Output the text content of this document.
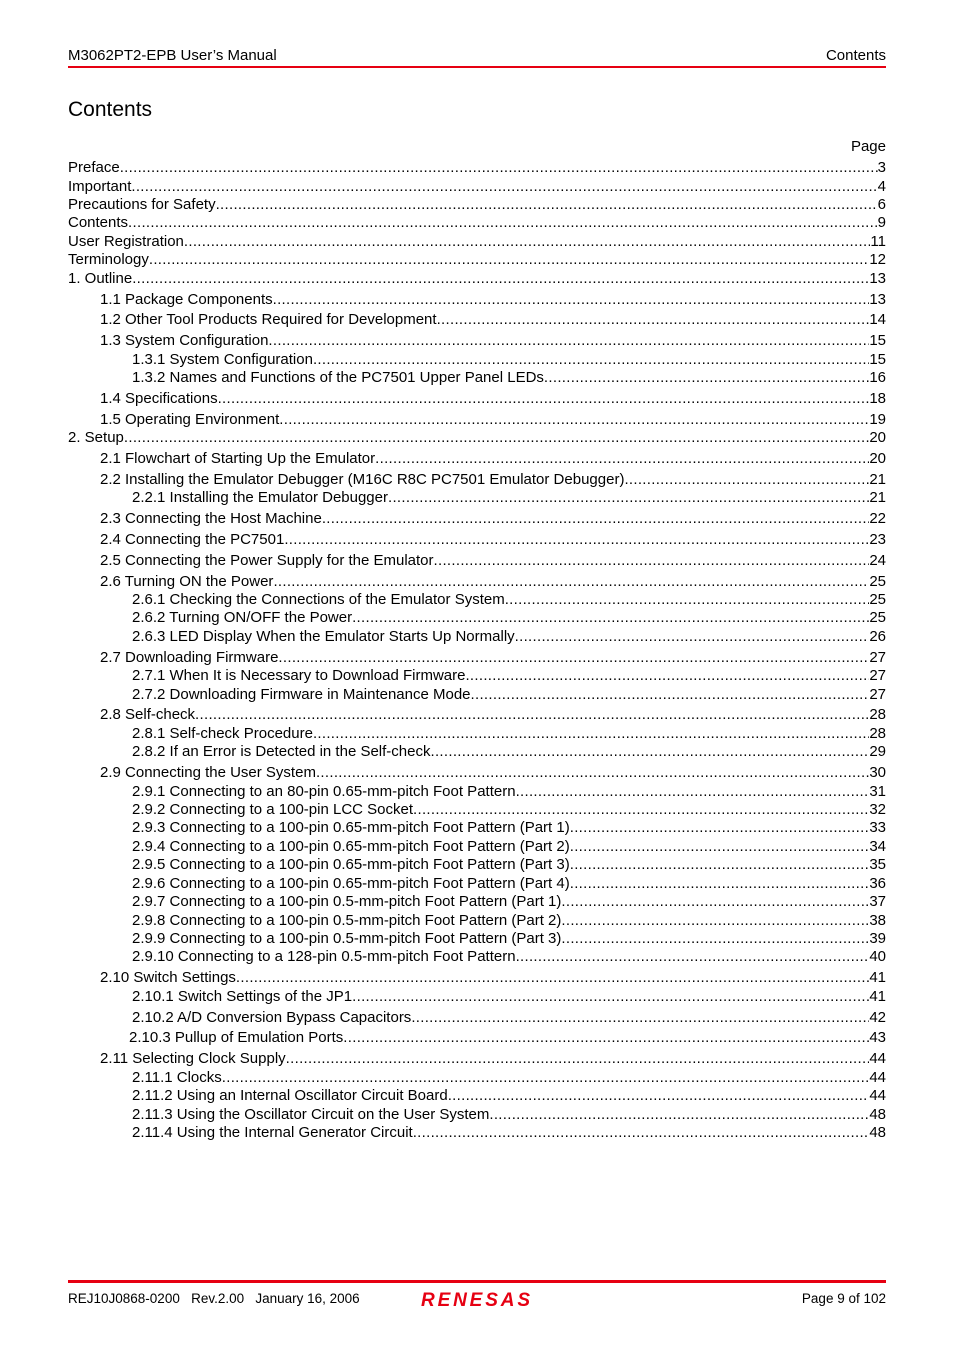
M3062PT2-EPB User’s Manual	Contents
Contents
Page
Preface .....	3
Important .....	4
Precautions for Safety .....	6
Contents .....	9
User Registration .....	11
Terminology .....	12
1. Outline .....	13
1.1 Package Components .....	13
1.2 Other Tool Products Required for Development .....	14
1.3 System Configuration .....	15
1.3.1 System Configuration .....	15
1.3.2 Names and Functions of the PC7501 Upper Panel LEDs .....	16
1.4 Specifications .....	18
1.5 Operating Environment .....	19
2. Setup .....	20
2.1 Flowchart of Starting Up the Emulator .....	20
2.2 Installing the Emulator Debugger (M16C R8C PC7501 Emulator Debugger) .....	21
2.2.1 Installing the Emulator Debugger .....	21
2.3 Connecting the Host Machine .....	22
2.4 Connecting the PC7501 .....	23
2.5 Connecting the Power Supply for the Emulator .....	24
2.6 Turning ON the Power .....	25
2.6.1 Checking the Connections of the Emulator System .....	25
2.6.2 Turning ON/OFF the Power .....	25
2.6.3 LED Display When the Emulator Starts Up Normally .....	26
2.7 Downloading Firmware .....	27
2.7.1 When It is Necessary to Download Firmware .....	27
2.7.2 Downloading Firmware in Maintenance Mode .....	27
2.8 Self-check .....	28
2.8.1 Self-check Procedure .....	28
2.8.2 If an Error is Detected in the Self-check .....	29
2.9 Connecting the User System .....	30
2.9.1 Connecting to an 80-pin 0.65-mm-pitch Foot Pattern .....	31
2.9.2 Connecting to a 100-pin LCC Socket .....	32
2.9.3 Connecting to a 100-pin 0.65-mm-pitch Foot Pattern (Part 1) .....	33
2.9.4 Connecting to a 100-pin 0.65-mm-pitch Foot Pattern (Part 2) .....	34
2.9.5 Connecting to a 100-pin 0.65-mm-pitch Foot Pattern (Part 3) .....	35
2.9.6 Connecting to a 100-pin 0.65-mm-pitch Foot Pattern (Part 4) .....	36
2.9.7 Connecting to a 100-pin 0.5-mm-pitch Foot Pattern (Part 1) .....	37
2.9.8 Connecting to a 100-pin 0.5-mm-pitch Foot Pattern (Part 2) .....	38
2.9.9 Connecting to a 100-pin 0.5-mm-pitch Foot Pattern (Part 3) .....	39
2.9.10 Connecting to a 128-pin 0.5-mm-pitch Foot Pattern .....	40
2.10 Switch Settings .....	41
2.10.1 Switch Settings of the JP1 .....	41
2.10.2 A/D Conversion Bypass Capacitors .....	42
2.10.3 Pullup of Emulation Ports .....	43
2.11 Selecting Clock Supply .....	44
2.11.1 Clocks .....	44
2.11.2 Using an Internal Oscillator Circuit Board .....	44
2.11.3 Using the Oscillator Circuit on the User System .....	48
2.11.4 Using the Internal Generator Circuit .....	48
REJ10J0868-0200   Rev.2.00   January 16, 2006	Page 9 of 102
RENESAS
